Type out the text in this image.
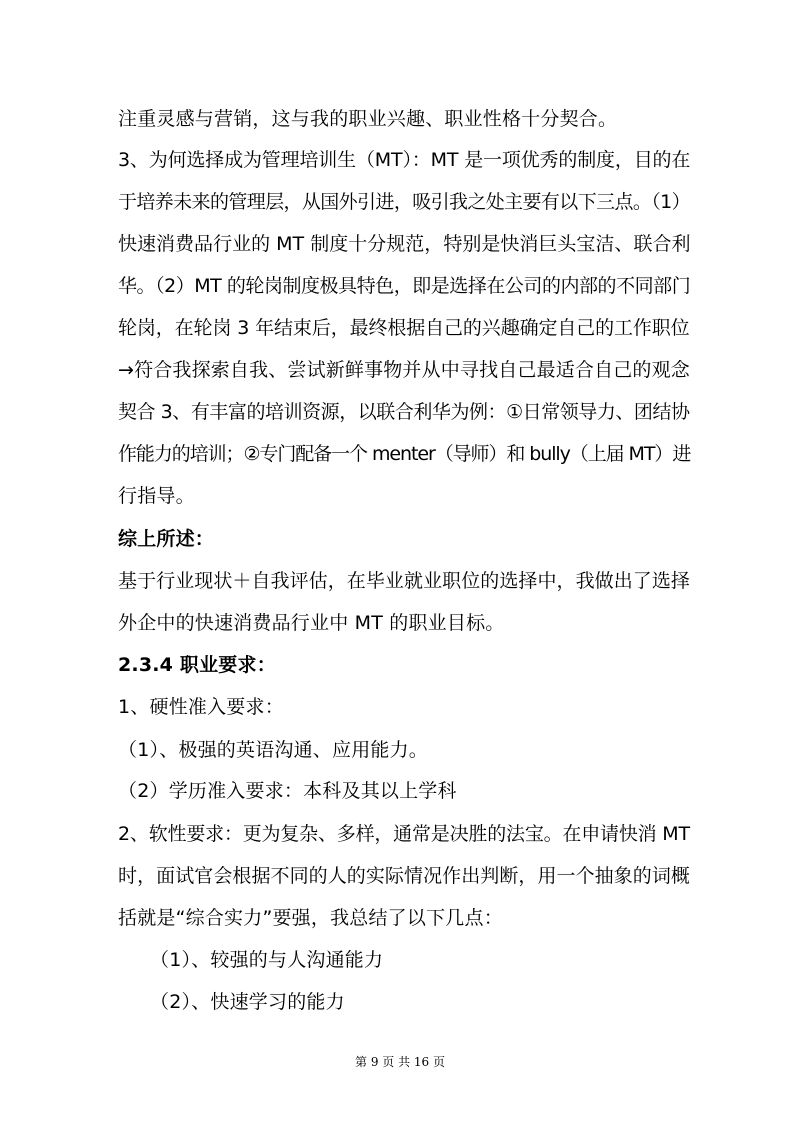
注重灵感与营销，这与我的职业兴趣、职业性格十分契合。
3、为何选择成为管理培训生（MT）：MT 是一项优秀的制度，目的在
于培养未来的管理层，从国外引进，吸引我之处主要有以下三点。（1）
快速消费品行业的 MT 制度十分规范，特别是快消巨头宝洁、联合利
华。（2）MT 的轮岗制度极具特色，即是选择在公司的内部的不同部门
轮岗，在轮岗 3 年结束后，最终根据自己的兴趣确定自己的工作职位
→符合我探索自我、尝试新鲜事物并从中寻找自己最适合自己的观念
契合 3、有丰富的培训资源，以联合利华为例：①日常领导力、团结协
作能力的培训；②专门配备一个 menter（导师）和 bully（上届 MT）进
行指导。
综上所述：
基于行业现状＋自我评估，在毕业就业职位的选择中，我做出了选择
外企中的快速消费品行业中 MT 的职业目标。
2.3.4 职业要求：
1、硬性准入要求：
（1）、极强的英语沟通、应用能力。
（2）学历准入要求：本科及其以上学科
2、软性要求：更为复杂、多样，通常是决胜的法宝。在申请快消 MT
时，面试官会根据不同的人的实际情况作出判断，用一个抽象的词概
括就是“综合实力”要强，我总结了以下几点：
（1）、较强的与人沟通能力
（2）、快速学习的能力
第 9 页 共 16 页
